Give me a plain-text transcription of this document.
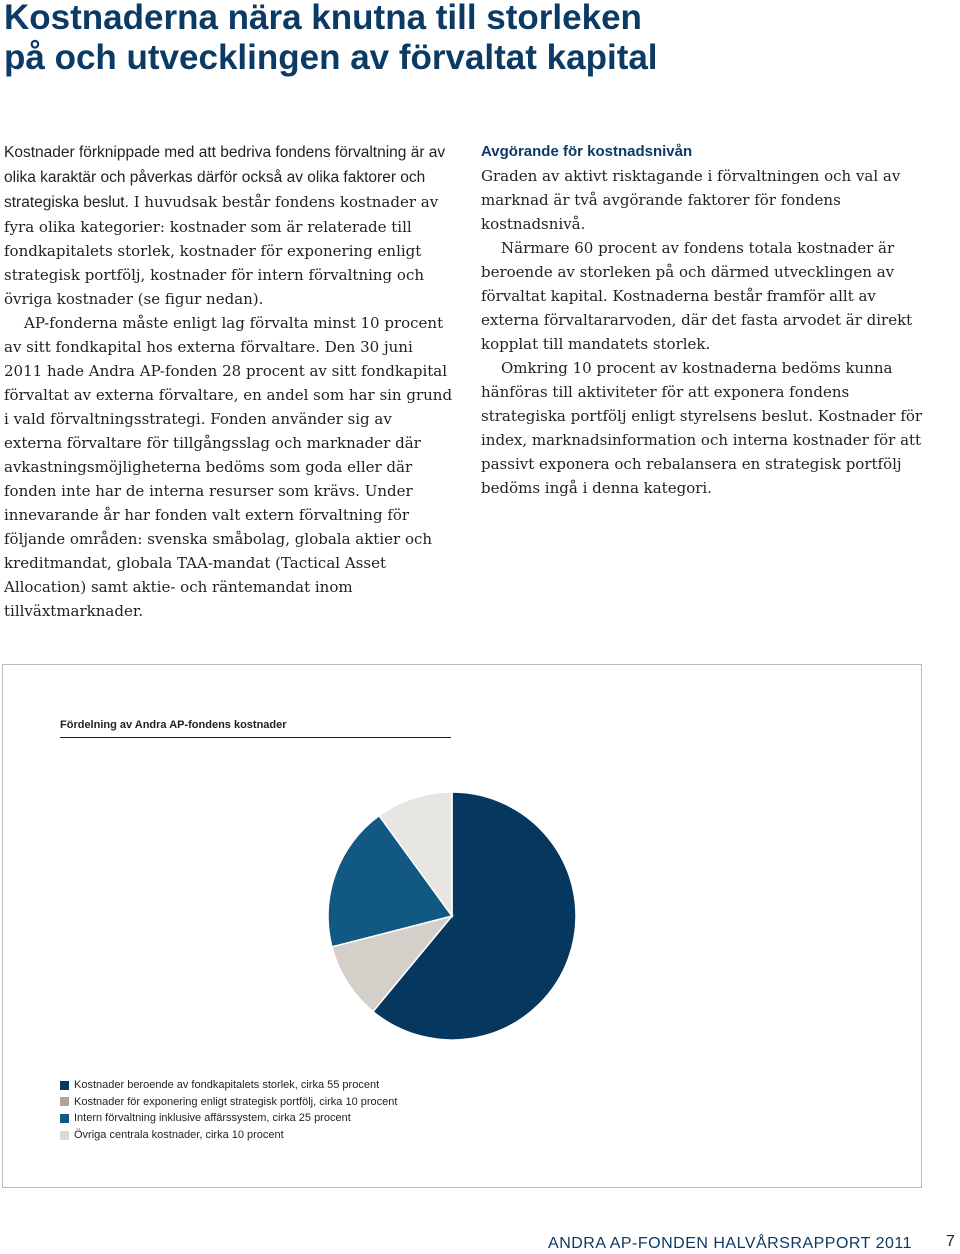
Kostnaderna nära knutna till storleken
på och utvecklingen av förvaltat kapital

Kostnader förknippade med att bedriva fondens förvaltning är av olika karaktär och påverkas därför också av olika faktorer och strategiska beslut. I huvudsak består fondens kostnader av fyra olika kategorier: kostnader som är relaterade till fondkapitalets storlek, kostnader för exponering enligt strategisk portfölj, kostnader för intern förvaltning och övriga kostnader (se figur nedan).

AP-fonderna måste enligt lag förvalta minst 10 procent av sitt fondkapital hos externa förvaltare. Den 30 juni 2011 hade Andra AP-fonden 28 procent av sitt fondkapital förvaltat av externa förvaltare, en andel som har sin grund i vald förvaltningsstrategi. Fonden använder sig av externa förvaltare för tillgångsslag och marknader där avkastningsmöjligheterna bedöms som goda eller där fonden inte har de interna resurser som krävs. Under innevarande år har fonden valt extern förvaltning för följande områden: svenska småbolag, globala aktier och kreditmandat, globala TAA-mandat (Tactical Asset Allocation) samt aktie- och räntemandat inom tillväxtmarknader.

Avgörande för kostnadsnivån

Graden av aktivt risktagande i förvaltningen och val av marknad är två avgörande faktorer för fondens kostnadsnivå.

Närmare 60 procent av fondens totala kostnader är beroende av storleken på och därmed utvecklingen av förvaltat kapital. Kostnaderna består framför allt av externa förvaltararvoden, där det fasta arvodet är direkt kopplat till mandatets storlek.

Omkring 10 procent av kostnaderna bedöms kunna hänföras till aktiviteter för att exponera fondens strategiska portfölj enligt styrelsens beslut. Kostnader för index, marknadsinformation och interna kostnader för att passivt exponera och rebalansera en strategisk portfölj bedöms ingå i denna kategori.

Fördelning av Andra AP-fondens kostnader
Kostnader beroende av fondkapitalets storlek, cirka 55 procent
Kostnader för exponering enligt strategisk portfölj, cirka 10 procent
Intern förvaltning inklusive affärssystem, cirka 25 procent
Övriga centrala kostnader, cirka 10 procent
ANDRA AP-FONDEN HALVÅRSRAPPORT 2011 7
